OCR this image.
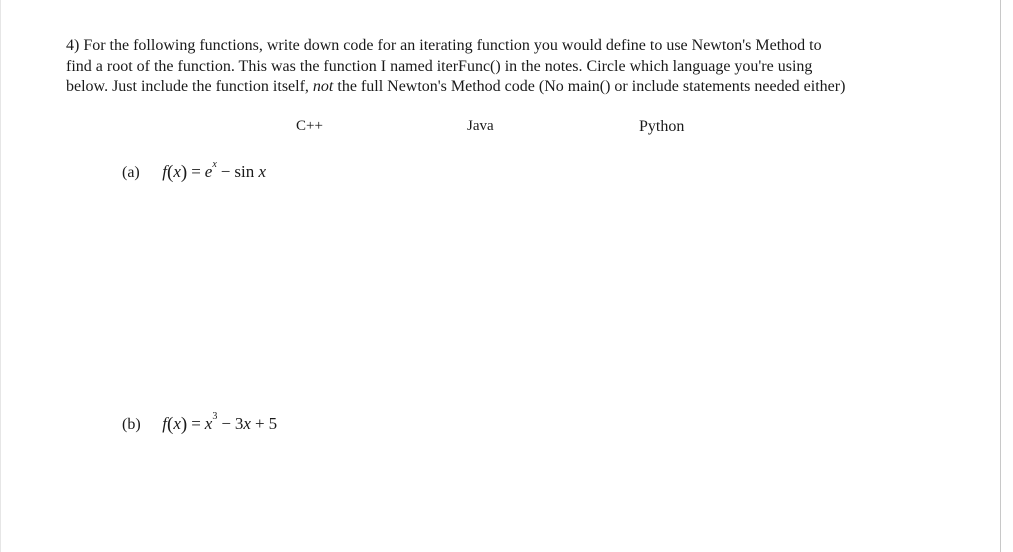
4) For the following functions, write down code for an iterating function you would define to use Newton's Method to
find a root of the function. This was the function I named iterFunc() in the notes. Circle which language you're using
below. Just include the function itself, not the full Newton's Method code (No main() or include statements needed either)
C++	Java	Python
(a) $f(x) = e^x - \sin x$
(b) $f(x) = x^3 - 3x + 5$
